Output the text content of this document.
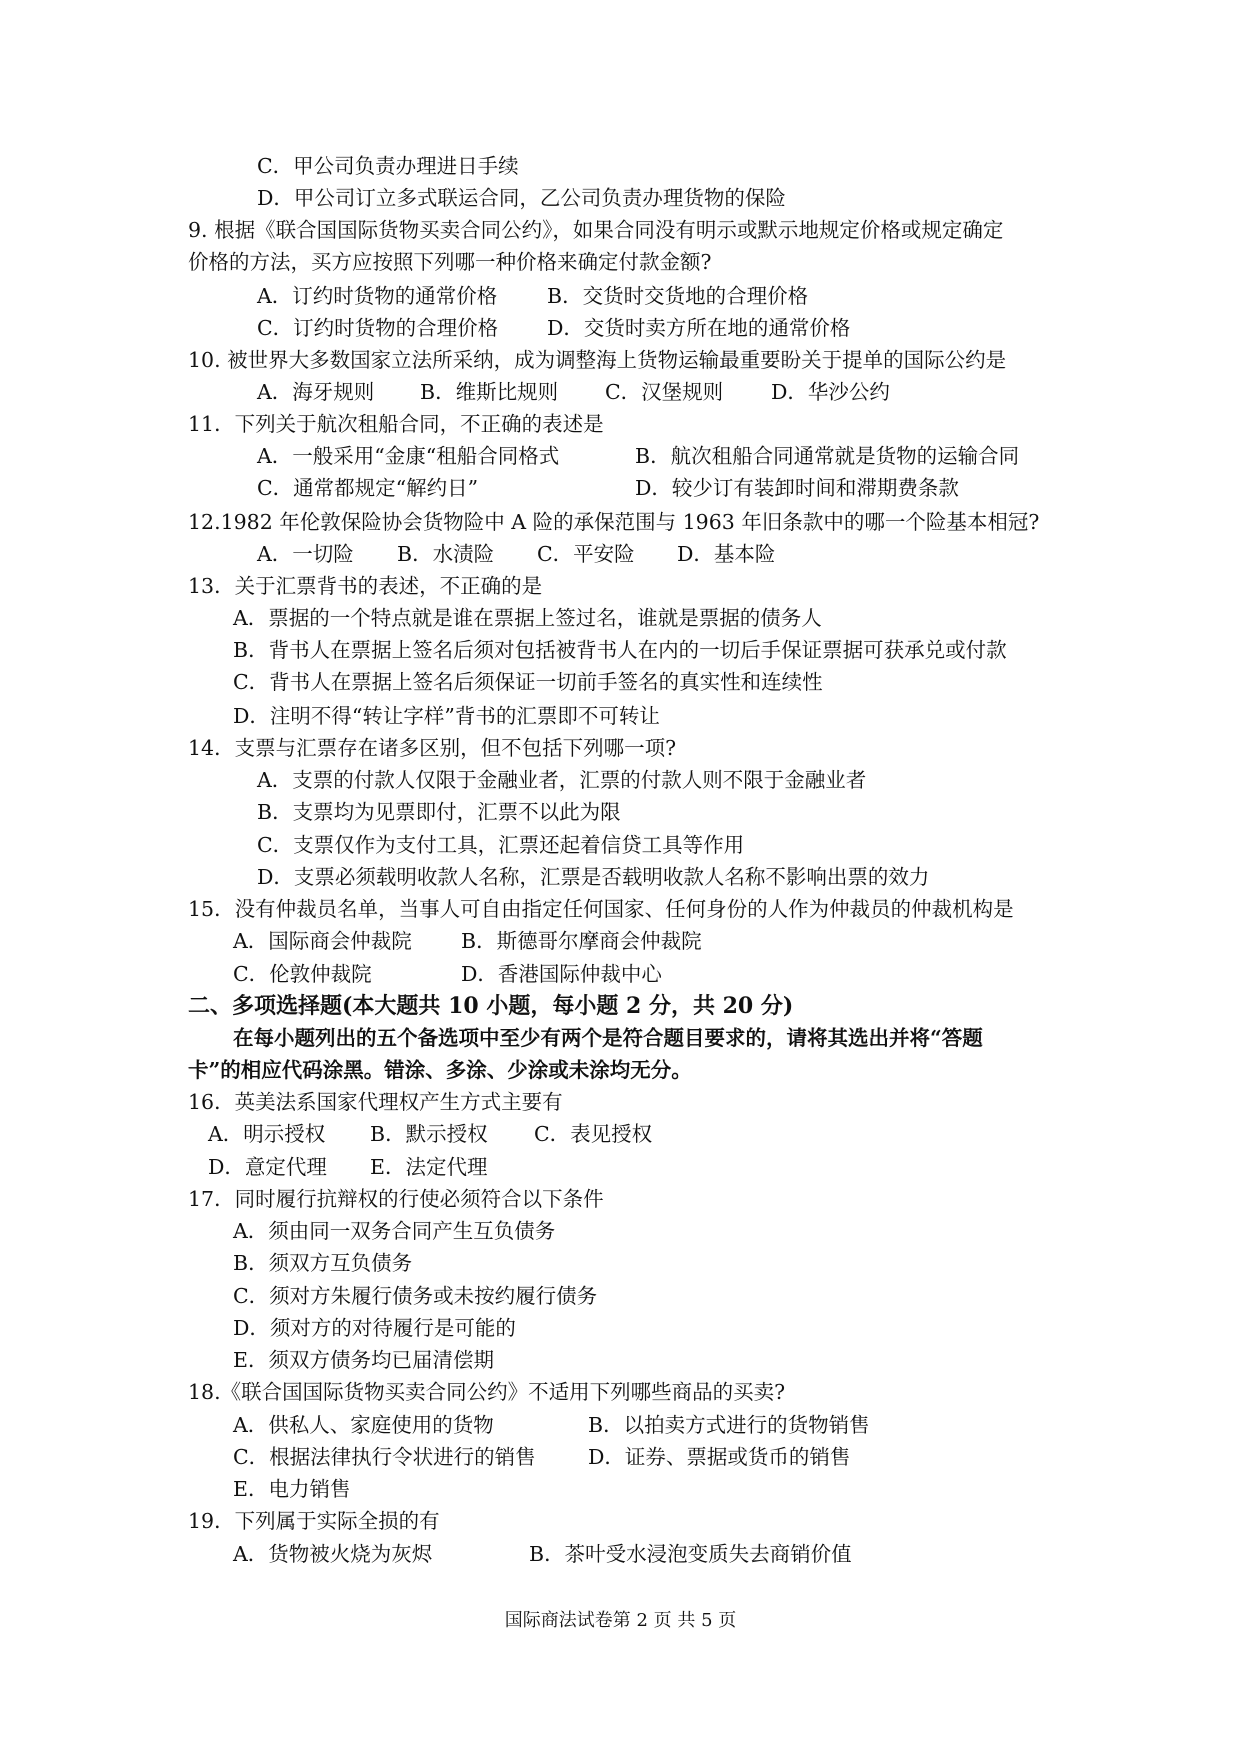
C．甲公司负责办理进日手续
D．甲公司订立多式联运合同，乙公司负责办理货物的保险
9. 根据《联合国国际货物买卖合同公约》，如果合同没有明示或默示地规定价格或规定确定
价格的方法，买方应按照下列哪一种价格来确定付款金额?
A．订约时货物的通常价格 B．交货时交货地的合理价格
C．订约时货物的合理价格 D．交货时卖方所在地的通常价格
10. 被世界大多数国家立法所采纳，成为调整海上货物运输最重要盼关于提单的国际公约是
A．海牙规则 B．维斯比规则 C．汉堡规则 D．华沙公约
11．下列关于航次租船合同，不正确的表述是
A．一般采用“金康“租船合同格式	B．航次租船合同通常就是货物的运输合同
C．通常都规定“解约日”	D．较少订有装卸时间和滞期费条款
12.1982 年伦敦保险协会货物险中 A 险的承保范围与 1963 年旧条款中的哪一个险基本相冠?
A．一切险 B．水渍险 C．平安险 D．基本险
13．关于汇票背书的表述，不正确的是
A．票据的一个特点就是谁在票据上签过名，谁就是票据的债务人
B．背书人在票据上签名后须对包括被背书人在内的一切后手保证票据可获承兑或付款
C．背书人在票据上签名后须保证一切前手签名的真实性和连续性
D．注明不得“转让字样”背书的汇票即不可转让
14．支票与汇票存在诸多区别，但不包括下列哪一项?
A．支票的付款人仅限于金融业者，汇票的付款人则不限于金融业者
B．支票均为见票即付，汇票不以此为限
C．支票仅作为支付工具，汇票还起着信贷工具等作用
D．支票必须载明收款人名称，汇票是否载明收款人名称不影响出票的效力
15．没有仲裁员名单，当事人可自由指定任何国家、任何身份的人作为仲裁员的仲裁机构是
A．国际商会仲裁院 B．斯德哥尔摩商会仲裁院
C．伦敦仲裁院	D．香港国际仲裁中心
二、多项选择题(本大题共 10 小题，每小题 2 分，共 20 分)
在每小题列出的五个备选项中至少有两个是符合题目要求的，请将其选出并将“答题
卡”的相应代码涂黑。错涂、多涂、少涂或未涂均无分。
16．英美法系国家代理权产生方式主要有
A．明示授权 B．默示授权 C．表见授权
D．意定代理 E．法定代理
17．同时履行抗辩权的行使必须符合以下条件
A．须由同一双务合同产生互负债务
B．须双方互负债务
C．须对方朱履行债务或未按约履行债务
D．须对方的对待履行是可能的
E．须双方债务均已届清偿期
18.《联合国国际货物买卖合同公约》不适用下列哪些商品的买卖?
A．供私人、家庭使用的货物	B．以拍卖方式进行的货物销售
C．根据法律执行令状进行的销售	D．证券、票据或货币的销售
E．电力销售
19．下列属于实际全损的有
A．货物被火烧为灰烬	B．茶叶受水浸泡变质失去商销价值
国际商法试卷第 2 页 共 5 页
